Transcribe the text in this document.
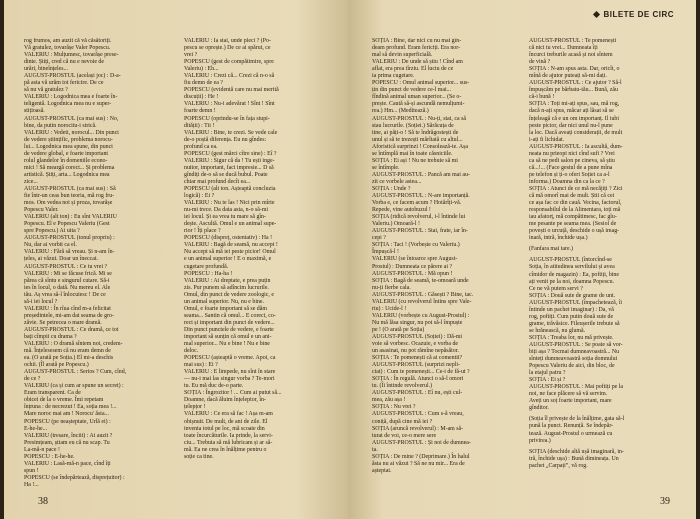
rog frumos, am auzit că vă căsătoriți.

Vă gratulez, tovarășe Valer Popescu.

VALERIU : Mulțumesc, tovarășe prese-

dinte. Știți, cred că nu e nevoie de

urări, bineînțeles...

AUGUST-PROSTUL (același joc) : D-a-

pă asta vă urăm tot fericire. De ce

să nu vă gratulez ?

VALERIU : Logodnica mea e foarte în-

teligentă. Logodnica mea nu e super-

stițioasă.

AUGUST-PROSTUL (ca mai sus) : No,

bine, da putin norocitu-i strică.

VALERIU : Vedeti, norocul... Din punct

de vedere științific, problema norocu-

lui... Logodnica mea spune, din punct

de vedere global, e foarte important

rolul glandelor în domeniile econo-

mici ! Să meargă corect... Și problema

artistică. Știți, arta... Logodnica mea

zice...

AUGUST-PROSTUL (ca mai sus) : Să

fie într-un ceas bun teoria, mă rog fru-

mos. Om vedea noi și proza, tovarășe

Popescu Valer.

VALERIU (alt ton) : Eu sînt VALERIU

Popescu. El e Popescu Valeriu (Gest

spre Popescu.) Ai uita ?

AUGUST-PROSTUL (tonul propriu) :

Nu, dar ai vorbit ca el.

VALERIU : Fără să vreau. Și n-am în-

țeles, ai văzut. Doar un îneccat.

AUGUST-PROSTUL : Ce tu vrei ?

VALERIU : Mi se făcuse frică. Mi se

părea că sîntu e singurul cutare. Să-i

ies în locul, o dată. Nu mereu el. Ale

tău. Aș vrea să-l înlocuiesc ! De ce

să-i iei locul ?

VALERIU : În rîua cînd m-a felicitat

președintele, mi-am dat seama de gro-

zăvie. Se petrecea o mare dramă.

AUGUST-PROSTUL : Ce dramă, ce tot

bați cîmpii cu drama ?

VALERIU : O dramă sîntem noi, credem-

mă. Înțelesesem că nu eram demn de

ea. (O arată pe Soția.) El mi-a deschis

ochii. (Îl arată pe Popescu.)

AUGUST-PROSTUL : Serios ? Cum, cînd,

de ce ?

VALERIU (ca și cum ar spune un secret) :

Eram transparent. Ca de

obicei de la o vreme. Îmi repetam

înțruna : de necrezut ! Ea, soția mea !...

Mare noroc mai am ! Norocu' ăsta...

POPESCU (pe neașteptate, Urlă ei) :

E-he-he...

VALERIU (tresare, înciit) : Ai auzit ?

Presimțeam, știam eu că nu scap. Tu

La-mă-n pace !

POPESCU : E-he-he.

VALERIU : Lasă-mă-n pace, cînd îți

spun !

POPESCU (se îndepărtează, disprețuitor) :

Ha !...

VALERIU : Ia stai, unde pleci ? (Po-

pescu se oprește.) De ce ai spărut, ce

vrei ?

POPESCU (gest de compătimire, spre

Valeriu) : Eh...

VALERIU : Crezi că... Crezi că n-o să

fiu demn de ea ?

POPESCU (evidentă care nu mai merită

discuții) : He !

VALERIU : Nu-i adevărat ! Sînt ! Sînt

foarte demn !

POPESCU (oprindu-se în fața stupi-

dității) : Tii !

VALERIU : Bine, te crezi. Se vede cale

de-o poștă diferența. Eu nu gîndes:

profund ca ea.

POPESCU (gest mărci cître sine) : Eî ?

VALERIU : Sigur că da ! Tu ești inge-

nuitor, important, faci impresie... D să

gîndiți de-o să se ducă bubul. Poate

chiar mai profund decît ea...

POPESCU (alt ton. Așteaptă concluzia

logică) : Ei ?

VALERIU : Nu te las ! Nici prin mîrte

nu-mi trece. Da data asta, n-o să-mi

iei locul. Și ea vrea tu mare să gîn-

dește. Ascultă. Omul e un animal supe-

rior ! Îți place ?

POPESCU (dispreț, ostentativ) : Ha !

VALERIU : Bagă de seamă, nu accept !

Nu accept să mă iei peste picior! Omul

e un animal superior ! E o maximă, e

cugetare profundă.

POPESCU : Ha-ha !

VALERIU : Ai dreptate, e prea puțin

zis. Pur punem să adîncim lucrurile.

Omul, din punct de vedere zoologic, e

un animal superior. Nu, nu e bine.

Omul, e foarte important să se dăm

seama... Santin că omul... E corect, co-

rect și important din punct de vedere...

Din punct punctele de vedere, e foarte

important să sunțin că omul e un ani-

mal superior... Nu e bine ! Nu e bine

deloc.

POPESCU (așteaptă o vreme. Apoi, ca

mai sus) : Ei ?

VALERIU : E limpede, nu sînt în stare

— nu-i mai las singur vorba ? Te-mori

tu. Eu mă duc de-o parte.

SOȚIA : Îngrozitor ! ... Cum ai putut să...

Doamne, dacă ăluim înțeleptor, în-

țelepțor !

VALERIU : Ce era să fac ! Așa m-am

obișnuit. De mult, de ani de zile. El

inventa totul pe loc, mă scoate din

toate încurcăturile. Ia prinde, la servi-

ciu... Trebuia să mă lubricam și ar să-

mă. Ea ne crea în înălțime pentru o

soție ca tine.

38
BILETE DE CIRC

SOȚIA : Bine, dar nici cu nu mai gîn-

deam profund. Eram fericiți. Era nor-

mal să devin superficială.

VALERIU : De unde să știu ! Cînd am

aflat, era prea tîrziu. El luctu de ce

ia prima cugetare.

POPESCU : Omul animal superior... sus-

țin din punct de vedere ce-l mai...

fîndină animal uman superior... (Se o-

prește. Caută să-și ascundă nemulțumi-

rea.) Hm... (Meditează.)

AUGUST-PROSTUL : Nu-ți, stai, ca să

stau lucrurile. (Soției.) Sărăcuța de

tine, ai păți-o ! Să te îndrăgostești de

unul și să te trezești mărîtată cu altul...

Aforistică surprinzi ! Consolează-te. Așa

se întîmplă mai în toate căsniciile.

SOȚIA : Ei ași ! Nu ne trebuie să mi

se întîmple.

AUGUST-PROSTUL : Pancă am mai au-

zit ce vorbele astea...

SOȚIA : Unde ?

AUGUST-PROSTUL : N-are importanță.

Vorba e, ce facem acum ? Hotărîți-vă.

Repede, vine autobuzul !

SOȚIA (ridică revolverul, i-l întinde lui

Valeriu.) Omoară-l !

AUGUST-PROSTUL : Stai, frate, iar în-

cepi ?

SOȚIA : Taci ! (Vorbește cu Valeriu.)

Împușcă-l !

VALERIU (se întoarce spre August-

Prostul) : Dumneata ce părere ai ?

AUGUST-PROSTUL : Mă opun !

SOȚIA : Bagă de seamă, te-omoară unde

nu-ți fierbe cala.

AUGUST-PROSTUL : Găsești ? Bine, tac.

VALERIU (cu revolverul întins spre Vale-

riu) : Ucide-l !

VALERIU (vorbește cu August-Prostul) :

Nu mă lăsa singur, nu pot să-l împuște

pe ! (O arată pe Soția)

AUGUST-PROSTUL (Soției) : Dă-mi

voie să vorbesc. Ocazuie, e vorba de

un asasinat, nu pot rămîne nepăsător.

SOȚIA : Te pomenești că ai comentii?

AUGUST-PROSTUL (surprizi nepli-

ciat) : Cum te pomenești... Ce-i de fă-ut ?

SOȚIA : În regulă. Atunci o să-l omori

tu. (Îi întinde revolverul.)

AUGUST-PROSTUL : Eî nu, ești cul-

mea, zău așa !

SOȚIA : Nu vrei ?

AUGUST-PROSTUL : Cum s-ă vreau,

coniță, după cine mă iei ?

SOȚIA (aruncă revolverul) : M-am să-

turat de voi, ce-o mere sere

AUGUST-PROSTUL : Și noi de dumnea-

ta.

SOȚIA : De mine ? (Deprimare.) În halul

ăsta nu ai văzut ? Să ne nu mir... Era de

așteptat.

AUGUST-PROSTUL : Te pomenești

că nici tu vrei... Dumneata îți

încurci treburile acasă și noi sîntem

de vină ?

SOȚIA : N-am spus asta. Dar, oricît, o

mînă de ajutor puteați să-mi dați.

AUGUST-PROSTUL : Ce ajutor ? Să-l

împușcăm pe bărbatu-tău... Bună, zău

că-i bună !

SOȚIA : Toți mi-ați spus, sau, mă rog,

dacă n-ați spus, măcar ați lăsat să se

înțeleagă că e un om importanț. Il iubi

peste picior, dar nici unul nu-l pune

la loc. Dacă aveați considerații, de mult

i-ați fi lichidat.

AUGUST-PROSTUL : Ia ascultă, dum-

neata nu prieopi nici cînd sufi ? Vrei

ca să ne pedi salon pe cineva, să știu

că...!... (Face gestul de a pune mîna

pe telefon și ți-o oferi Soției ca a-l

informa.) Doamna din ca la ce ?

SOȚIA : Atunci de ce mă necăjiți ? Zici

că mă omorî mai de mult. Știi că cei

ce așa fac ce din cauă. Vecina, factorul,

responsabilul de la Alimentara, toți mă

iau afatorț, mă compătimesc, fac glu-

me pesante pe seama mea. (Sesiol de

povești o urcuță, deschide o ușă imag-

inară, intră, închide ușa.)

(Fanfara mai tare.)

AUGUST-PROSTUL (întorcînd-se

Soția, în atitudinea servilului și avea

cîmidor de magazin) : Ea, poftiți, bine

ați venit pe la noi, doamna Popescu.

Ce ne vă putem servi ?

SOȚIA : Două sute de grame de unt.

AUGUST-PROSTUL (împachetează, îi

întinde un pachet imaginar) : Da, vă

rog, poftiți. Cum putin două sute de

grame, trăvăsice. Fileușerile trebuie să

se hrănească, nu glumă.

SOȚIA : Treaba lor, nu mă privește.

AUGUST-PROSTUL : Se poate să vor-

biți așa ? Tocmai dumneavoastră... Nu

sînteți dumneavoastră soția domnului

Popescu Valeriu de aici, din bloc, de

la etajul patru ?

SOȚIA : Ei și ?

AUGUST-PROSTUL : Mai poftiți pe la

noi, ne face plăcere să vă servim.

Aveți un soț foarte important, mare

gînditor.

(Soția îl privește de la înălțime, gata să-l

pună la punct. Renunță. Se îndepăr-

tează. August-Prostul o urmează cu

privirea.)

SOȚIA (deschide altă ușă imaginară, in-

tră, închide ușa) : Bună dimineața. Un

pachet „Carpați”, vă rog.

39
